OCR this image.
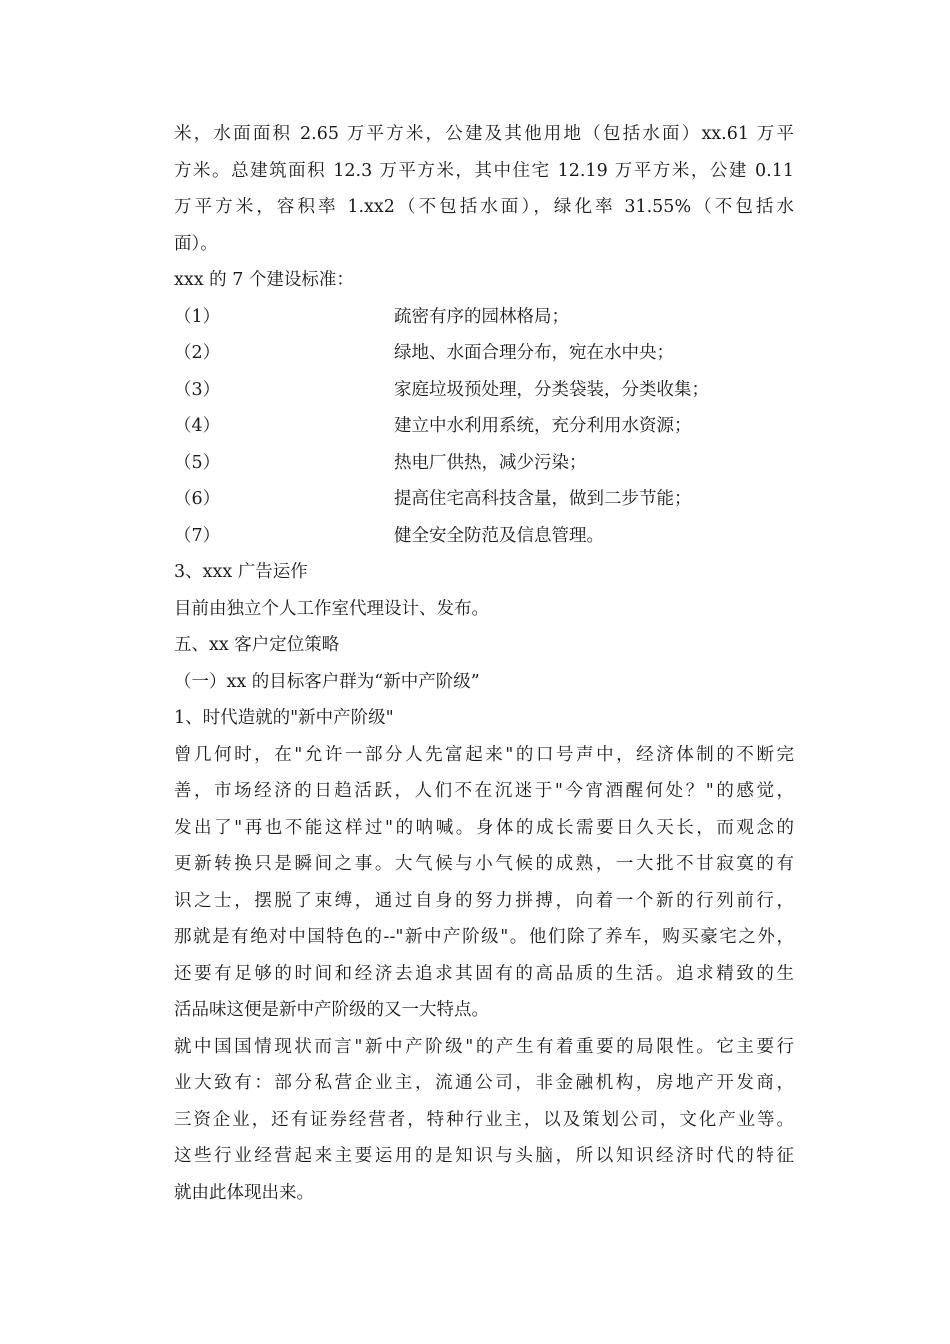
米，水面面积 2.65 万平方米，公建及其他用地（包括水面）xx.61 万平
方米。总建筑面积 12.3 万平方米，其中住宅 12.19 万平方米，公建 0.11
万平方米，容积率 1.xx2（不包括水面），绿化率 31.55%（不包括水
面）。
xxx 的 7 个建设标准：
（1）	疏密有序的园林格局；
（2）	绿地、水面合理分布，宛在水中央；
（3）	家庭垃圾预处理，分类袋装，分类收集；
（4）	建立中水利用系统，充分利用水资源；
（5）	热电厂供热，减少污染；
（6）	提高住宅高科技含量，做到二步节能；
（7）	健全安全防范及信息管理。
3、xxx 广告运作
目前由独立个人工作室代理设计、发布。
五、xx 客户定位策略
（一）xx 的目标客户群为“新中产阶级”
1、时代造就的"新中产阶级"
曾几何时，在"允许一部分人先富起来"的口号声中，经济体制的不断完
善，市场经济的日趋活跃，人们不在沉迷于"今宵酒醒何处？"的感觉，
发出了"再也不能这样过"的呐喊。身体的成长需要日久天长，而观念的
更新转换只是瞬间之事。大气候与小气候的成熟，一大批不甘寂寞的有
识之士，摆脱了束缚，通过自身的努力拼搏，向着一个新的行列前行，
那就是有绝对中国特色的--"新中产阶级"。他们除了养车，购买豪宅之外，
还要有足够的时间和经济去追求其固有的高品质的生活。追求精致的生
活品味这便是新中产阶级的又一大特点。
就中国国情现状而言"新中产阶级"的产生有着重要的局限性。它主要行
业大致有：部分私营企业主，流通公司，非金融机构，房地产开发商，
三资企业，还有证券经营者，特种行业主，以及策划公司，文化产业等。
这些行业经营起来主要运用的是知识与头脑，所以知识经济时代的特征
就由此体现出来。
